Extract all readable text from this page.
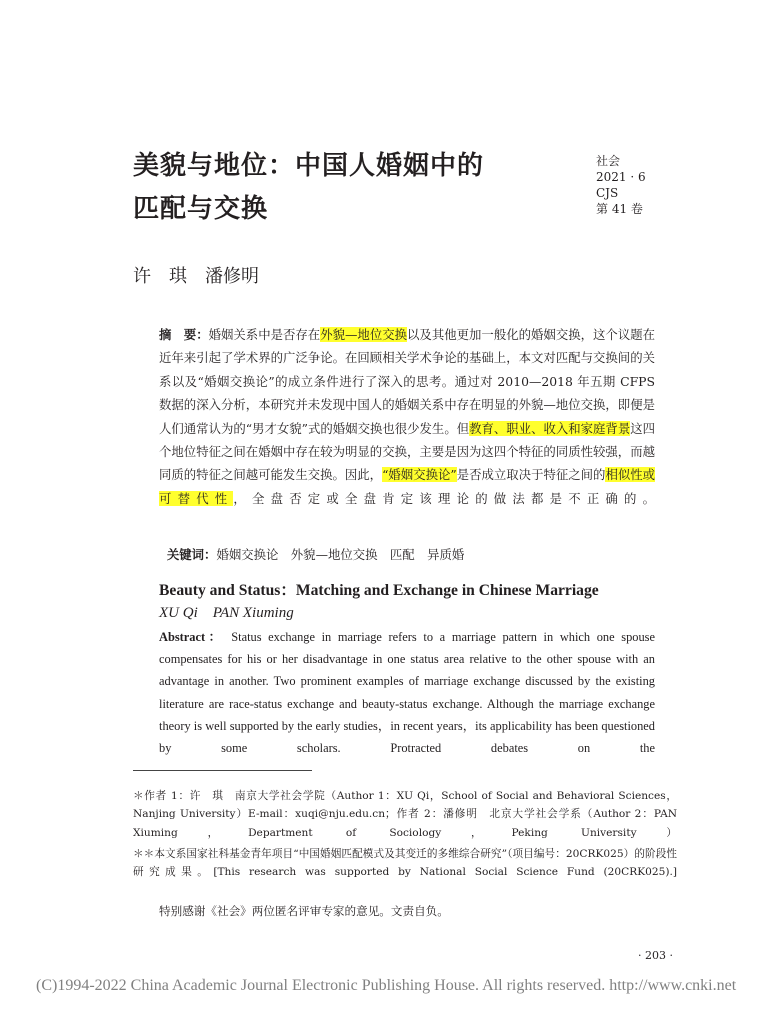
美貌与地位：中国人婚姻中的
匹配与交换
社会
2021 · 6
CJS
第 41 卷
许　琪　潘修明
摘　要：婚姻关系中是否存在外貌—地位交换以及其他更加一般化的婚姻交换，这个议题在近年来引起了学术界的广泛争论。在回顾相关学术争论的基础上，本文对匹配与交换间的关系以及“婚姻交换论”的成立条件进行了深入的思考。通过对 2010—2018 年五期 CFPS 数据的深入分析，本研究并未发现中国人的婚姻关系中存在明显的外貌—地位交换，即便是人们通常认为的“男才女貌”式的婚姻交换也很少发生。但教育、职业、收入和家庭背景这四个地位特征之间在婚姻中存在较为明显的交换，主要是因为这四个特征的同质性较强，而越同质的特征之间越可能发生交换。因此，“婚姻交换论”是否成立取决于特征之间的相似性或可替代性，全盘否定或全盘肯定该理论的做法都是不正确的。

关键词：婚姻交换论　外貌—地位交换　匹配　异质婚

Beauty and Status：Matching and Exchange in Chinese Marriage
XU Qi　PAN Xiuming
Abstract： Status exchange in marriage refers to a marriage pattern in which one spouse compensates for his or her disadvantage in one status area relative to the other spouse with an advantage in another. Two prominent examples of marriage exchange discussed by the existing literature are race-status exchange and beauty-status exchange. Although the marriage exchange theory is well supported by the early studies，in recent years，its applicability has been questioned by some scholars. Protracted debates on the
＊作者 1：许　琪　南京大学社会学院（Author 1：XU Qi，School of Social and Behavioral Sciences，Nanjing University）E-mail：xuqi@nju.edu.cn；作者 2：潘修明　北京大学社会学系（Author 2：PAN Xiuming，Department of Sociology，Peking University）
＊＊本文系国家社科基金青年项目“中国婚姻匹配模式及其变迁的多维综合研究”（项目编号：20CRK025）的阶段性研究成果。[This research was supported by National Social Science Fund (20CRK025).]
特别感谢《社会》两位匿名评审专家的意见。文责自负。
· 203 ·
(C)1994-2022 China Academic Journal Electronic Publishing House. All rights reserved. http://www.cnki.net
